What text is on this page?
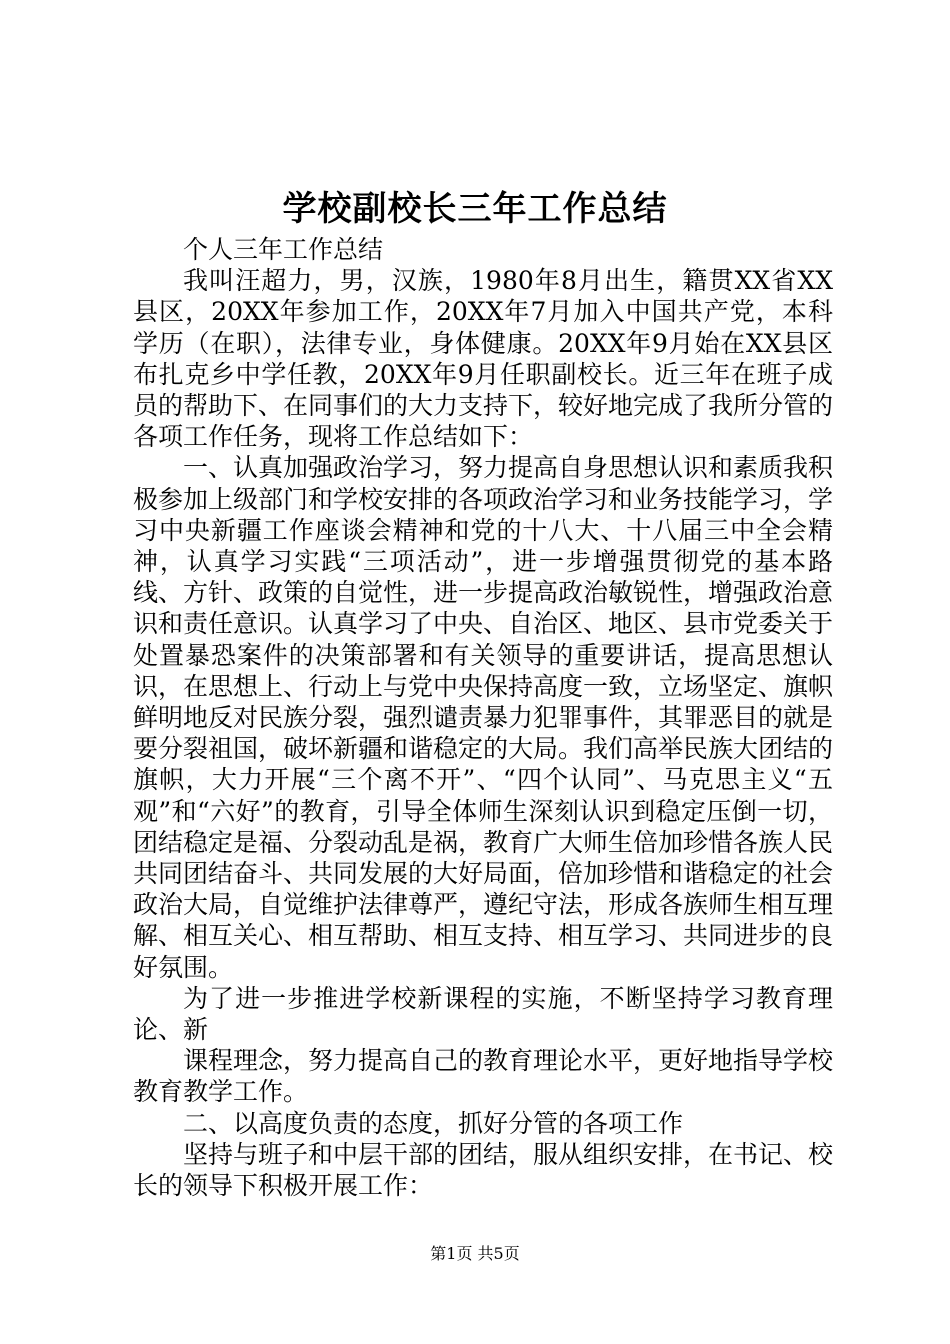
学校副校长三年工作总结

个人三年工作总结

我叫汪超力，男，汉族，1980年8月出生，籍贯XX省XX县区，20XX年参加工作，20XX年7月加入中国共产党，本科学历（在职），法律专业，身体健康。20XX年9月始在XX县区布扎克乡中学任教，20XX年9月任职副校长。近三年在班子成员的帮助下、在同事们的大力支持下，较好地完成了我所分管的各项工作任务，现将工作总结如下：

一、认真加强政治学习，努力提高自身思想认识和素质我积极参加上级部门和学校安排的各项政治学习和业务技能学习，学习中央新疆工作座谈会精神和党的十八大、十八届三中全会精神，认真学习实践“三项活动”，进一步增强贯彻党的基本路线、方针、政策的自觉性，进一步提高政治敏锐性，增强政治意识和责任意识。认真学习了中央、自治区、地区、县市党委关于处置暴恐案件的决策部署和有关领导的重要讲话，提高思想认识，在思想上、行动上与党中央保持高度一致，立场坚定、旗帜鲜明地反对民族分裂，强烈谴责暴力犯罪事件，其罪恶目的就是要分裂祖国，破坏新疆和谐稳定的大局。我们高举民族大团结的旗帜，大力开展“三个离不开”、“四个认同”、马克思主义“五观”和“六好”的教育，引导全体师生深刻认识到稳定压倒一切，团结稳定是福、分裂动乱是祸，教育广大师生倍加珍惜各族人民共同团结奋斗、共同发展的大好局面，倍加珍惜和谐稳定的社会政治大局，自觉维护法律尊严，遵纪守法，形成各族师生相互理解、相互关心、相互帮助、相互支持、相互学习、共同进步的良好氛围。

为了进一步推进学校新课程的实施，不断坚持学习教育理论、新

课程理念，努力提高自己的教育理论水平，更好地指导学校教育教学工作。

二、以高度负责的态度，抓好分管的各项工作

坚持与班子和中层干部的团结，服从组织安排，在书记、校长的领导下积极开展工作：

第1页 共5页
